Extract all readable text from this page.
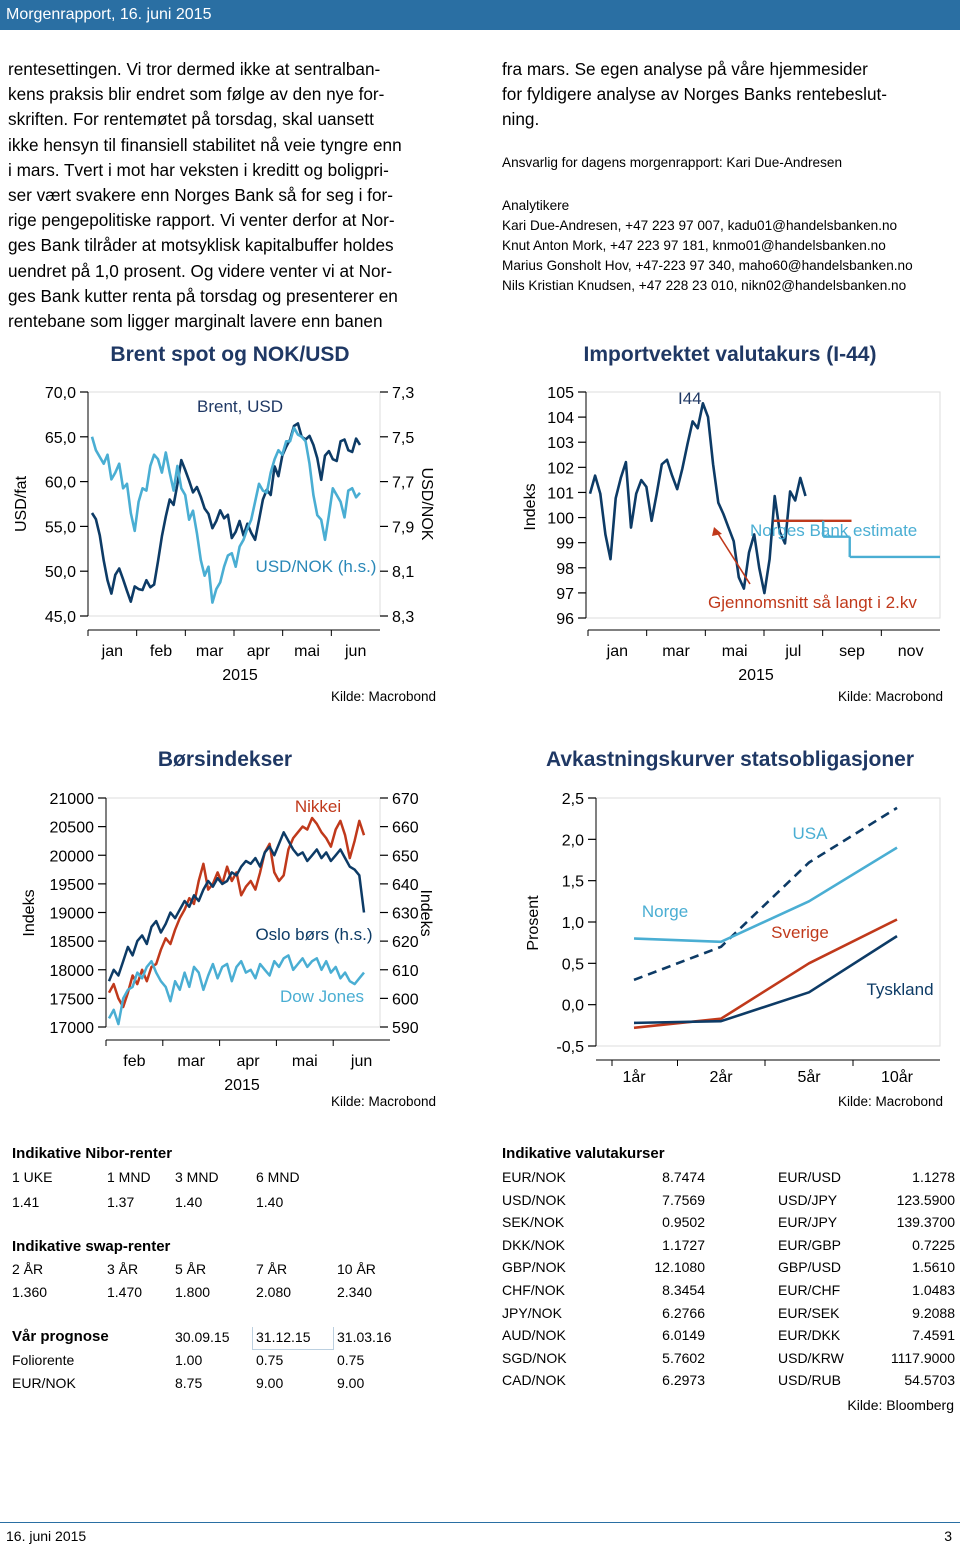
Morgenrapport, 16. juni 2015
rentesettingen. Vi tror dermed ikke at sentralban-
kens praksis blir endret som følge av den nye for-
skriften. For rentemøtet på torsdag, skal uansett
ikke hensyn til finansiell stabilitet nå veie tyngre enn
i mars. Tvert i mot har veksten i kreditt og boligpri-
ser vært svakere enn Norges Bank så for seg i for-
rige pengepolitiske rapport. Vi venter derfor at Nor-
ges Bank tilråder at motsyklisk kapitalbuffer holdes
uendret på 1,0 prosent. Og videre venter vi at Nor-
ges Bank kutter renta på torsdag og presenterer en
rentebane som ligger marginalt lavere enn banen
fra mars. Se egen analyse på våre hjemmesider
for fyldigere analyse av Norges Banks rentebeslut-
ning.
Ansvarlig for dagens morgenrapport: Kari Due-Andresen
Analytikere
Kari Due-Andresen, +47 223 97 007, kadu01@handelsbanken.no
Knut Anton Mork, +47 223 97 181, knmo01@handelsbanken.no
Marius Gonsholt Hov, +47-223 97 340, maho60@handelsbanken.no
Nils Kristian Knudsen, +47 228 23 010, nikn02@handelsbanken.no
Brent spot og NOK/USD
70,0
65,0
60,0
55,0
50,0
45,0
7,3
7,5
7,7
7,9
8,1
8,3
jan feb mar apr mai jun
2015
USD/fat	USD/NOK
Brent, USD
USD/NOK (h.s.)
Kilde: Macrobond
Importvektet valutakurs (I-44)
105
104
103
102
101
100
99
98
97
96
jan mar mai jul sep nov
2015
Indeks
I44
Norges Bank estimate
Gjennomsnitt så langt i 2.kv
Kilde: Macrobond
Børsindekser
21000
20500
20000
19500
19000
18500
18000
17500
17000
670
660
650
640
630
620
610
600
590
feb mar apr mai jun
2015
Indeks	Indeks
Nikkei
Oslo børs (h.s.)
Dow Jones
Kilde: Macrobond
Avkastningskurver statsobligasjoner
2,5
2,0
1,5
1,0
0,5
0,0
-0,5
Prosent
1år	2år	5år	10år
USA
Norge
Sverige
Tyskland
Kilde: Macrobond
Indikative Nibor-renter
1 UKE	1 MND 3 MND	6 MND
1.41	1.37	1.40	1.40
Indikative swap-renter
2 ÅR	3 ÅR	5 ÅR	7 ÅR	10 ÅR
1.360	1.470 1.800	2.080	2.340
Vår prognose	30.09.15 31.12.15 31.03.16
Foliorente	1.00	0.75	0.75
EUR/NOK	8.75	9.00	9.00
Indikative valutakurser
Kilde: Bloomberg
EUR/NOK	8.7474	EUR/USD	1.1278
USD/NOK	7.7569	USD/JPY	123.5900
SEK/NOK	0.9502	EUR/JPY	139.3700
DKK/NOK	1.1727	EUR/GBP	0.7225
GBP/NOK	12.1080	GBP/USD	1.5610
CHF/NOK	8.3454	EUR/CHF	1.0483
JPY/NOK	6.2766	EUR/SEK	9.2088
AUD/NOK	6.0149	EUR/DKK	7.4591
SGD/NOK	5.7602	USD/KRW	1117.9000
CAD/NOK	6.2973	USD/RUB	54.5703
16. juni 2015	3
